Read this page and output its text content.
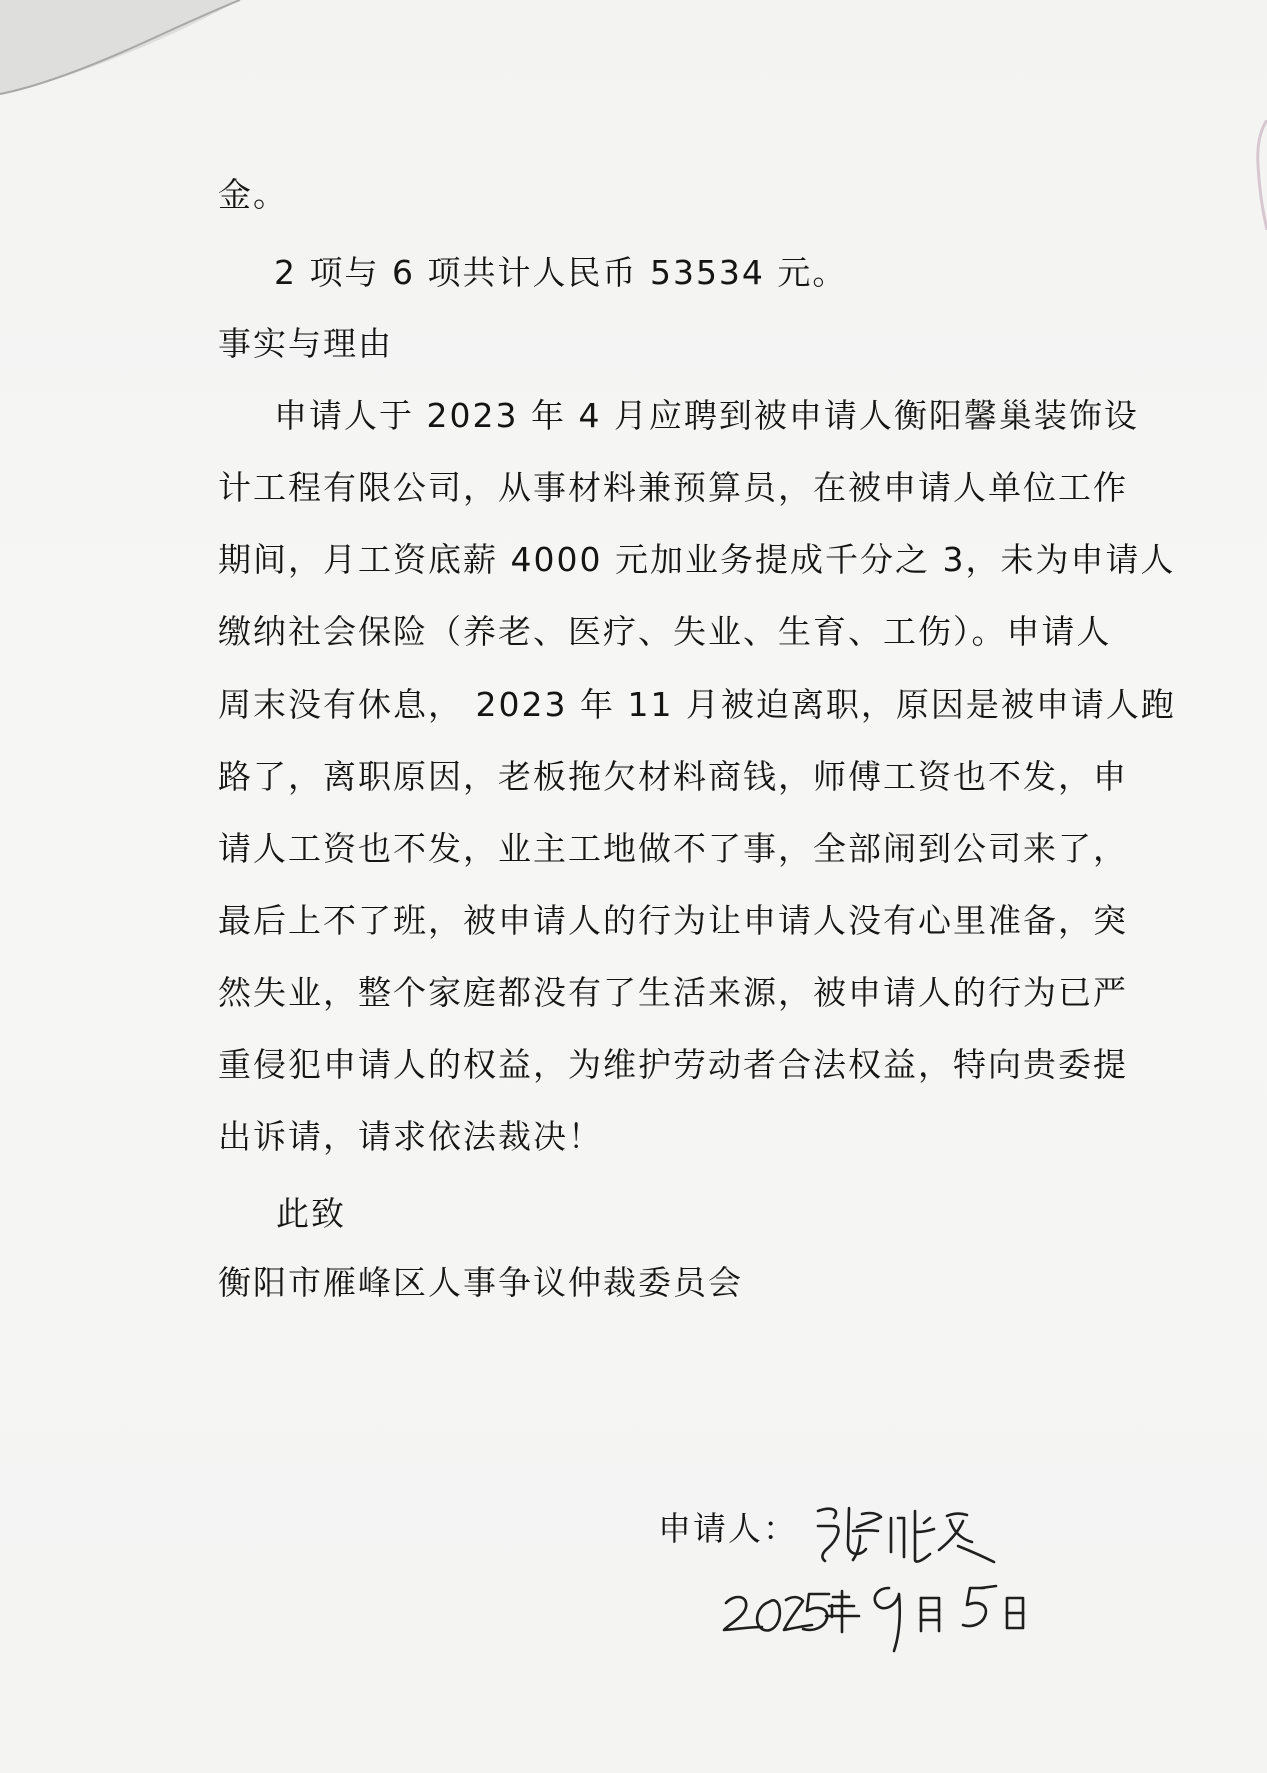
金。

2 项与 6 项共计人民币 53534 元。

事实与理由

申请人于 2023 年 4 月应聘到被申请人衡阳馨巢装饰设

计工程有限公司，从事材料兼预算员，在被申请人单位工作

期间，月工资底薪 4000 元加业务提成千分之 3，未为申请人

缴纳社会保险（养老、医疗、失业、生育、工伤）。申请人

周末没有休息， 2023 年 11 月被迫离职，原因是被申请人跑

路了，离职原因，老板拖欠材料商钱，师傅工资也不发，申

请人工资也不发，业主工地做不了事，全部闹到公司来了，

最后上不了班，被申请人的行为让申请人没有心里准备，突

然失业，整个家庭都没有了生活来源，被申请人的行为已严

重侵犯申请人的权益，为维护劳动者合法权益，特向贵委提

出诉请，请求依法裁决！

此致

衡阳市雁峰区人事争议仲裁委员会

申请人：
